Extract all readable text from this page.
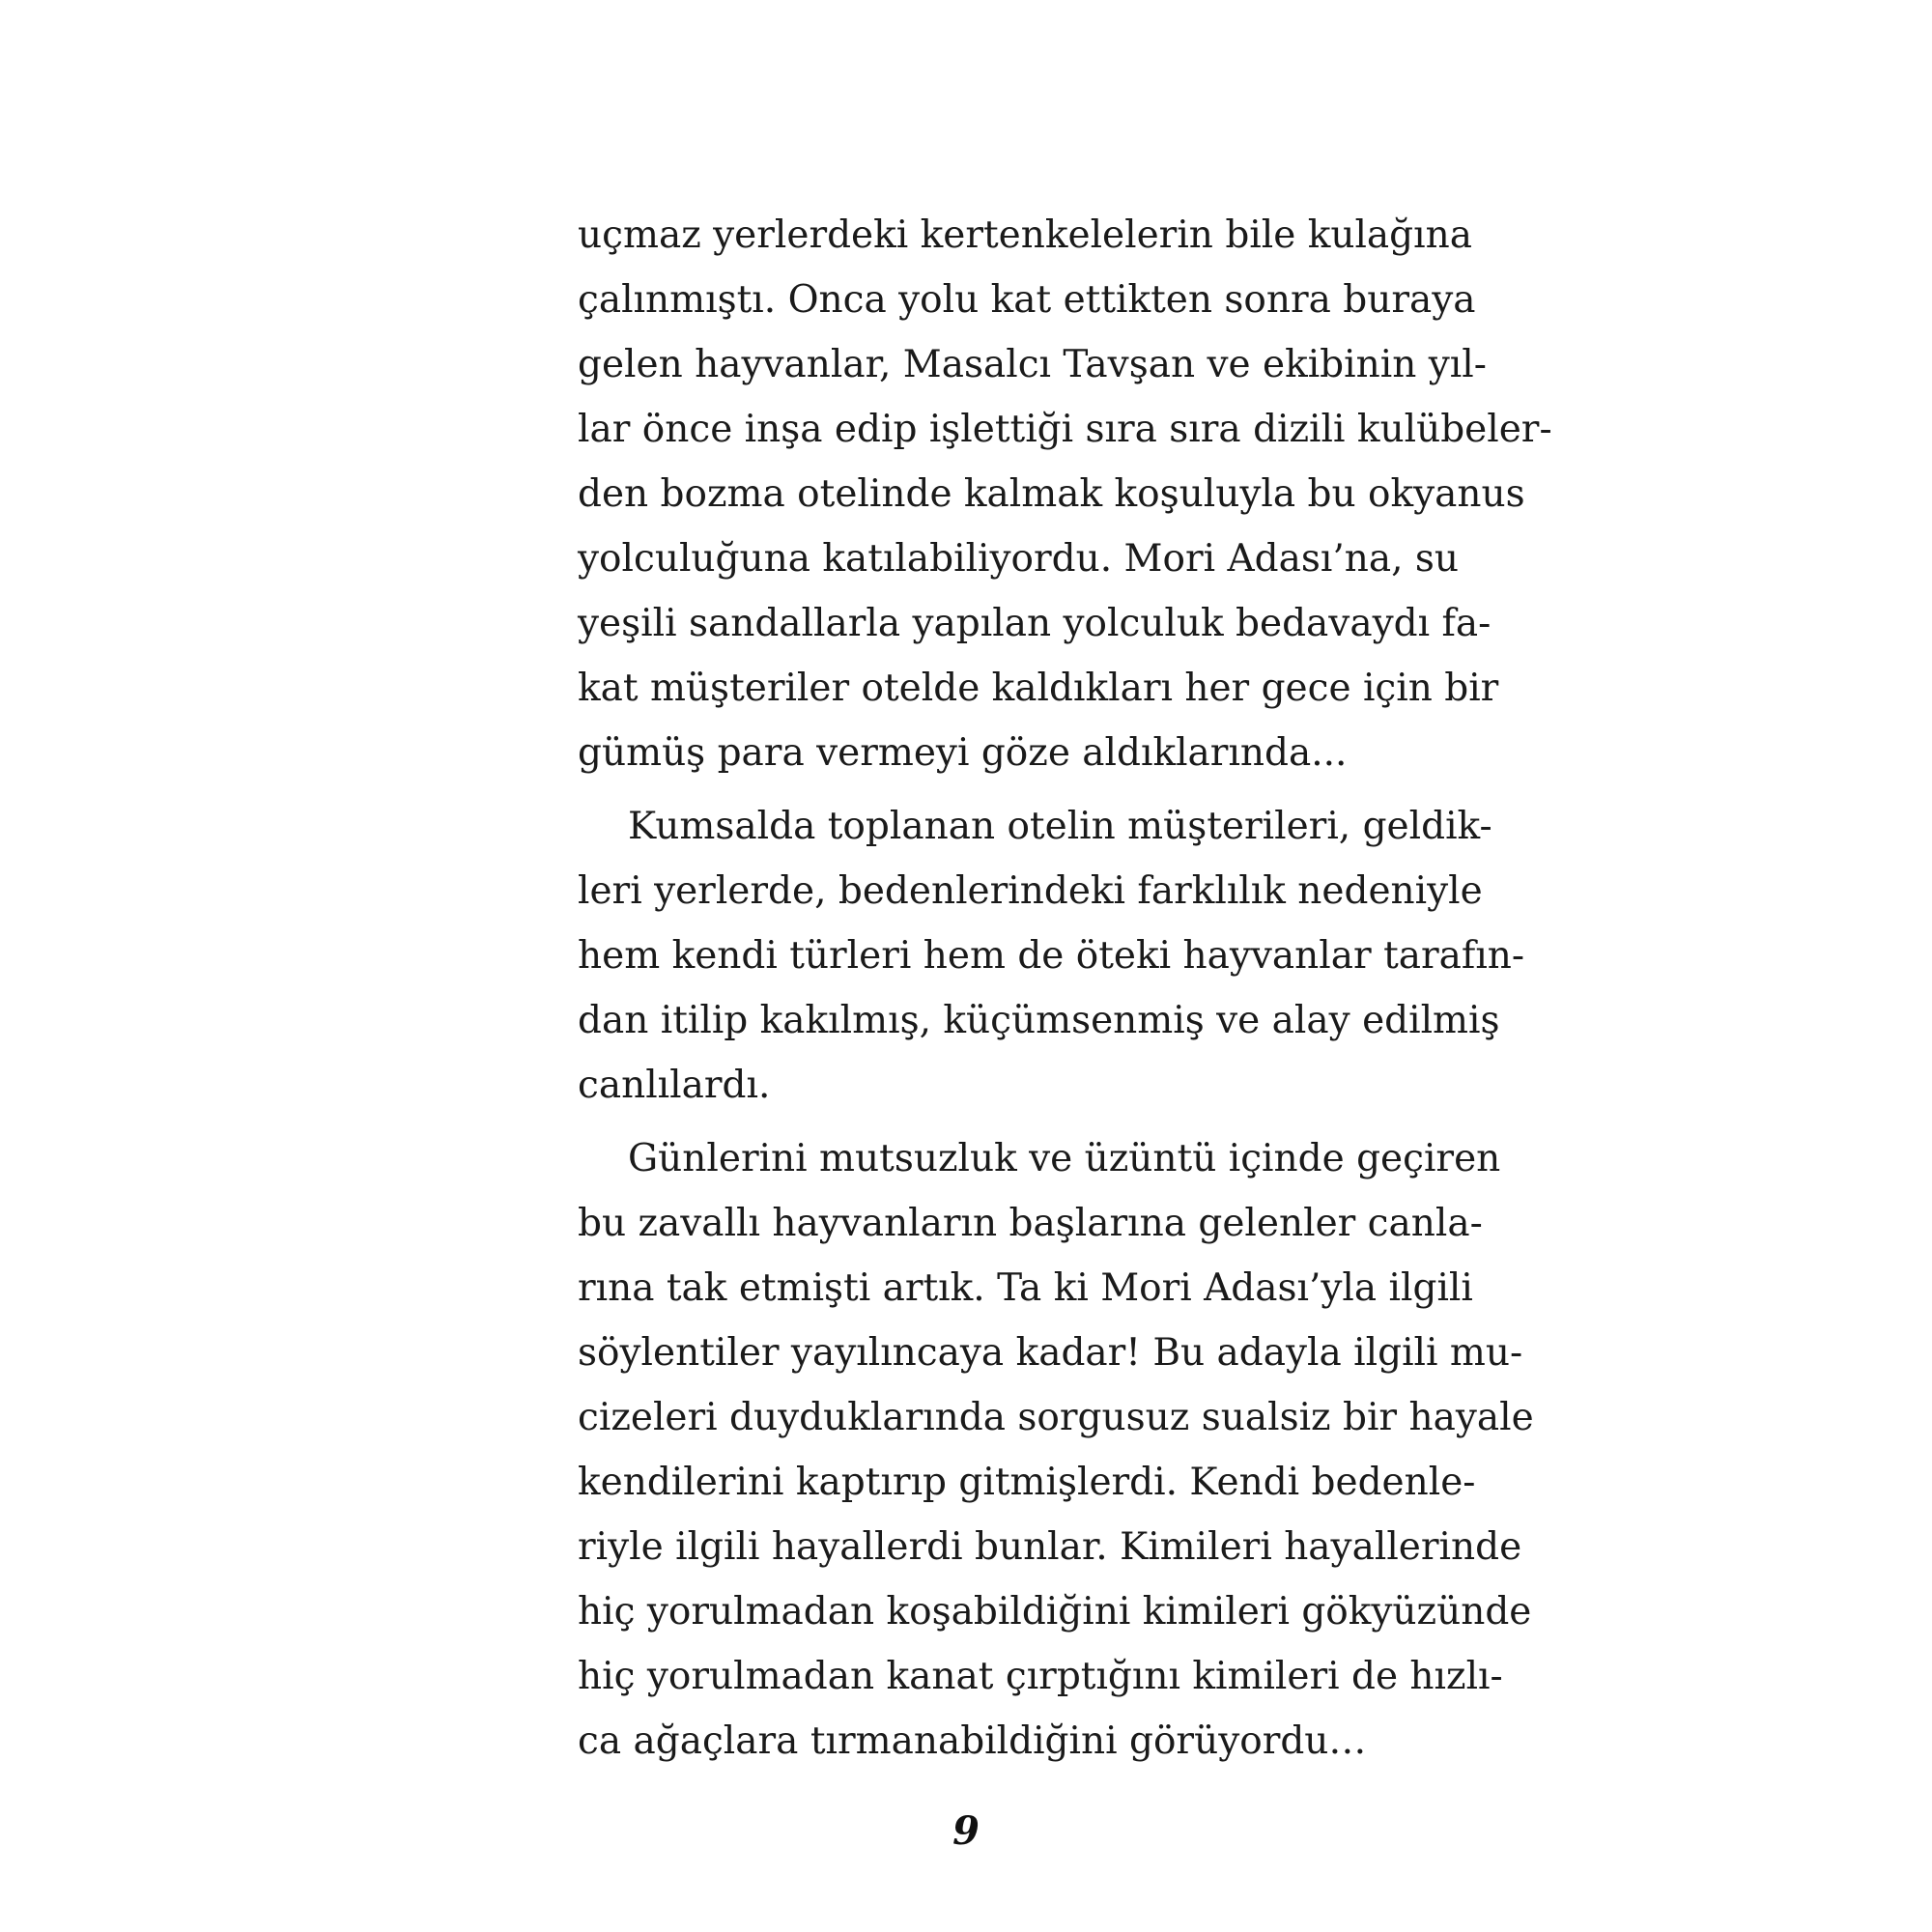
uçmaz yerlerdeki kertenkelelerin bile kulağına
çalınmıştı. Onca yolu kat ettikten sonra buraya
gelen hayvanlar, Masalcı Tavşan ve ekibinin yıl-
lar önce inşa edip işlettiği sıra sıra dizili kulübeler-
den bozma otelinde kalmak koşuluyla bu okyanus
yolculuğuna katılabiliyordu. Mori Adası’na, su
yeşili sandallarla yapılan yolculuk bedavaydı fa-
kat müşteriler otelde kaldıkları her gece için bir
gümüş para vermeyi göze aldıklarında...
Kumsalda toplanan otelin müşterileri, geldik-
leri yerlerde, bedenlerindeki farklılık nedeniyle
hem kendi türleri hem de öteki hayvanlar tarafın-
dan itilip kakılmış, küçümsenmiş ve alay edilmiş
canlılardı.
Günlerini mutsuzluk ve üzüntü içinde geçiren
bu zavallı hayvanların başlarına gelenler canla-
rına tak etmişti artık. Ta ki Mori Adası’yla ilgili
söylentiler yayılıncaya kadar! Bu adayla ilgili mu-
cizeleri duyduklarında sorgusuz sualsiz bir hayale
kendilerini kaptırıp gitmişlerdi. Kendi bedenle-
riyle ilgili hayallerdi bunlar. Kimileri hayallerinde
hiç yorulmadan koşabildiğini kimileri gökyüzünde
hiç yorulmadan kanat çırptığını kimileri de hızlı-
ca ağaçlara tırmanabildiğini görüyordu…
9
